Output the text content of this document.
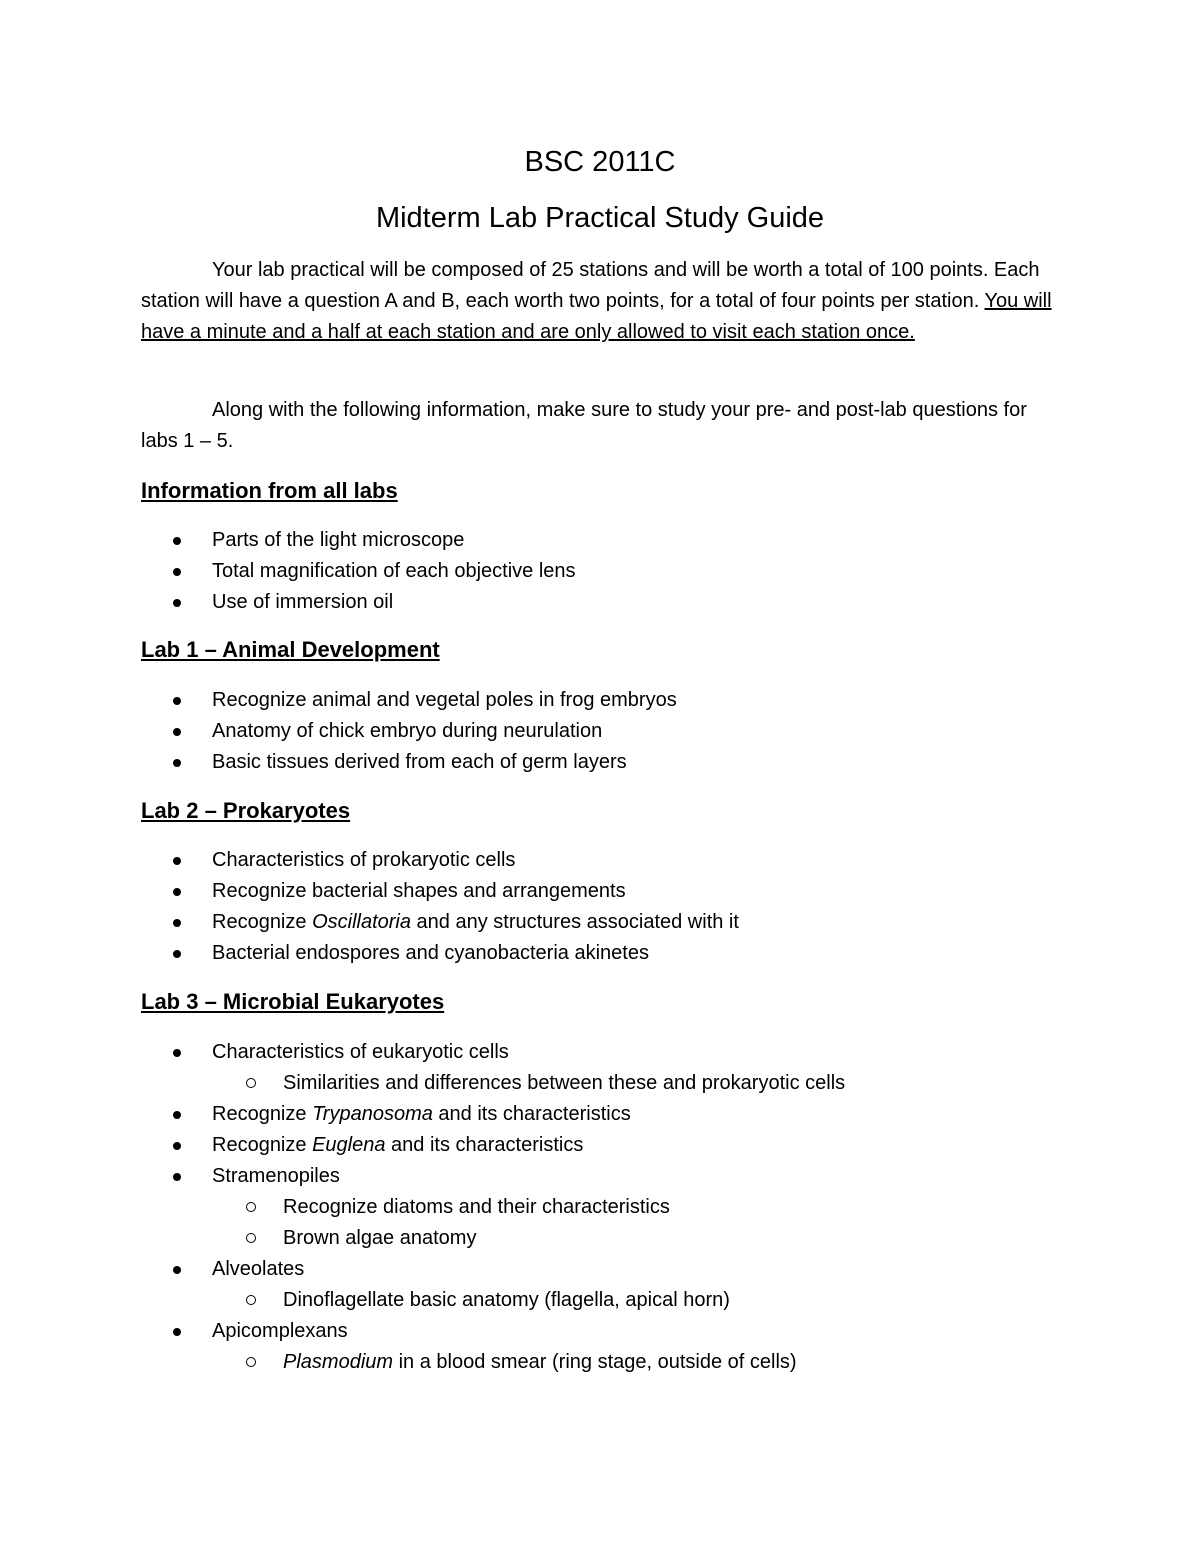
BSC 2011C
Midterm Lab Practical Study Guide

Your lab practical will be composed of 25 stations and will be worth a total of 100 points. Each station will have a question A and B, each worth two points, for a total of four points per station. You will have a minute and a half at each station and are only allowed to visit each station once.

Along with the following information, make sure to study your pre- and post-lab questions for labs 1 – 5.

Information from all labs
Parts of the light microscope
Total magnification of each objective lens
Use of immersion oil
Lab 1 – Animal Development
Recognize animal and vegetal poles in frog embryos
Anatomy of chick embryo during neurulation
Basic tissues derived from each of germ layers
Lab 2 – Prokaryotes
Characteristics of prokaryotic cells
Recognize bacterial shapes and arrangements
Recognize Oscillatoria and any structures associated with it
Bacterial endospores and cyanobacteria akinetes
Lab 3 – Microbial Eukaryotes
Characteristics of eukaryotic cells
Similarities and differences between these and prokaryotic cells
Recognize Trypanosoma and its characteristics
Recognize Euglena and its characteristics
Stramenopiles
Recognize diatoms and their characteristics
Brown algae anatomy
Alveolates
Dinoflagellate basic anatomy (flagella, apical horn)
Apicomplexans
Plasmodium in a blood smear (ring stage, outside of cells)
